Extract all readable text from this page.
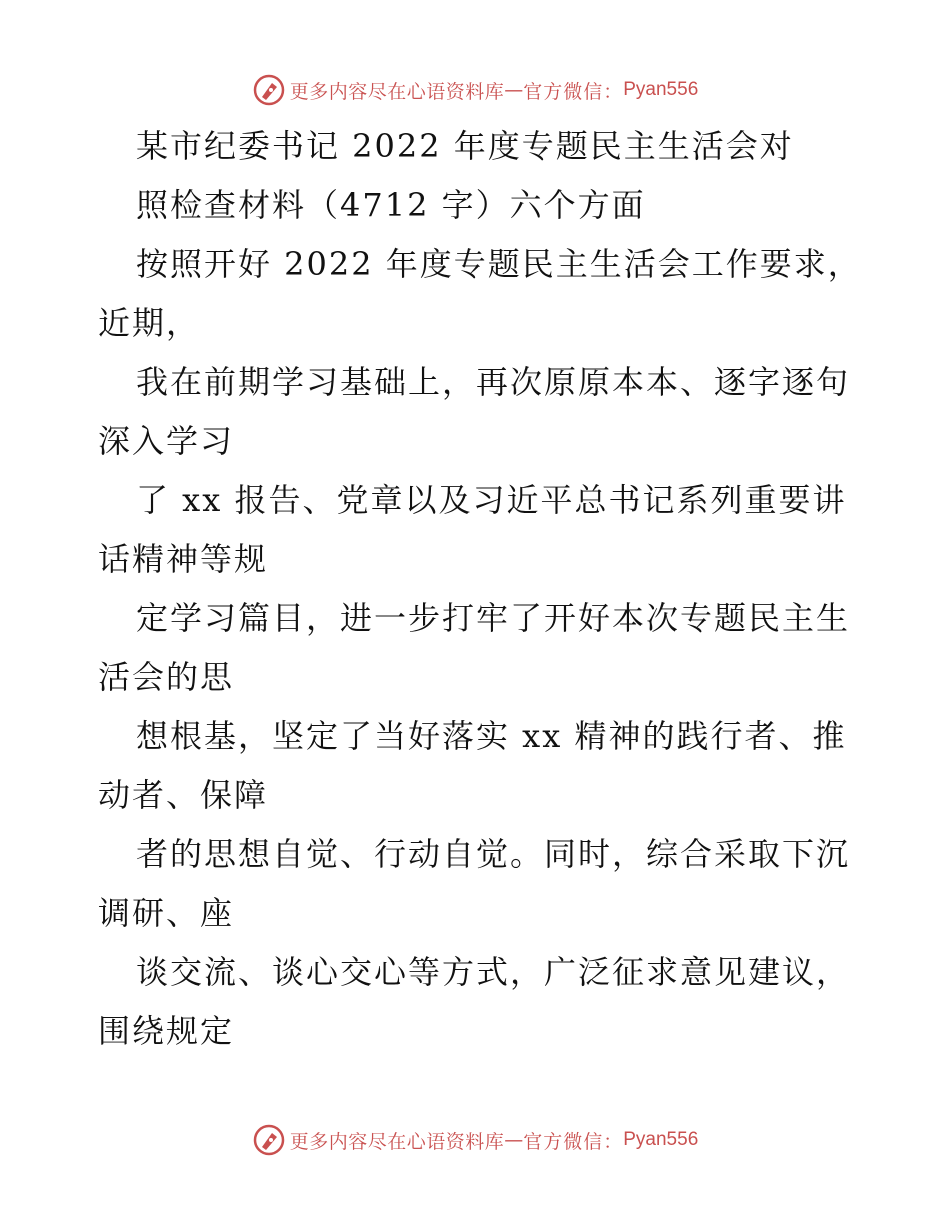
更多内容尽在心语资料库 — 官方微信： Pyan556
某市纪委书记 2022 年度专题民主生活会对
照检查材料（4712 字）六个方面
按照开好 2022 年度专题民主生活会工作要求，
近期，
我在前期学习基础上，再次原原本本、逐字逐句
深入学习
了 xx 报告、党章以及习近平总书记系列重要讲
话精神等规
定学习篇目，进一步打牢了开好本次专题民主生
活会的思
想根基，坚定了当好落实 xx 精神的践行者、推
动者、保障
者的思想自觉、行动自觉。同时，综合采取下沉
调研、座
谈交流、谈心交心等方式，广泛征求意见建议，
围绕规定
更多内容尽在心语资料库 — 官方微信： Pyan556
